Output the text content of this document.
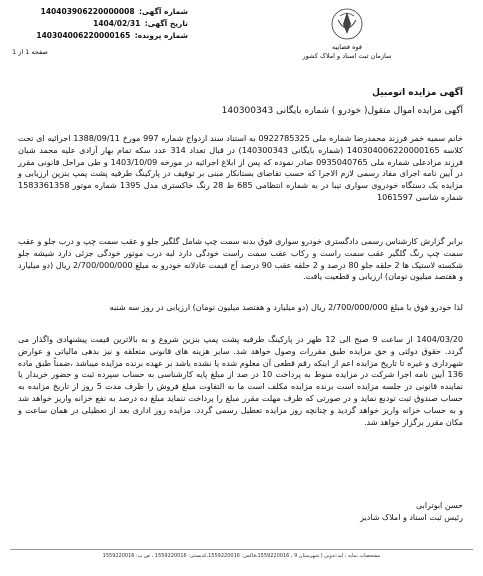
شماره آگهی: 140403906220000008
تاریخ آگهی: 1404/02/31
شماره پرونده: 140304006220000165
صفحه 1 از 1
قوه قضاییه
سازمان ثبت اسناد و املاک کشور
آگهی مزایده اتومبیل
آگهی مزایده اموال منقول( خودرو ) شماره بایگانی 140300343
خانم سمیه خمر فرزند محمدرضا شماره ملی 0922785325 به استناد سند ازدواج شماره 997 مورخ 1388/09/11 اجرائیه ای تحت کلاسه 140304006220000165 (شماره بایگانی 140300343) در قبال تعداد 314 عدد سکه تمام بهار آزادی علیه محمد شبان فرزند مرادعلی شماره ملی 0935040765 صادر نموده که پس از ابلاغ اجرائیه در مورخه 1403/10/09 و طی مراحل قانونی مقرر در آیین نامه اجرای مفاد رسمی لازم الاجرا که حسب تقاضای بستانکار مبنی بر توقیف در پارکینگ طرفیه پشت پمپ بنزین ارزیابی و مزایده یک دستگاه خودروی سواری تیبا در به شماره انتظامی 685 ط 28 رنگ خاکستری مدل 1395 شماره موتور 1583361358 شماره شاسی 1061597
برابر گزارش کارشناس رسمی دادگستری خودرو سواری فوق بدنه سمت چپ شامل گلگیر جلو و عقب سمت چپ و درب جلو و عقب سمت چپ رنگ گلگیر عقب سمت راست و رکاب عقب سمت راست خودگی دارد لبه درب موتور خودگی جزئی دارد شیشه جلو شکسته لاستیک ها 2 حلقه جلو 80 درصد و 2 حلقه عقب 90 درصد آج قیمت عادلانه خودرو به مبلغ 2/700/000/000 ریال (دو میلیارد و هفتصد میلیون تومان) ارزیابی و قطعیت یافت.
لذا خودرو فوق با مبلغ 2/700/000/000 ریال (دو میلیارد و هفتصد میلیون تومان) ارزیابی در روز سه شنبه
1404/03/20 از ساعت 9 صبح الی 12 ظهر در پارکینگ طرفیه پشت پمپ بنزین شروع و به بالاترین قیمت پیشنهادی واگذار می گردد. حقوق دولتی و حق مزایده طبق مقررات وصول خواهد شد. سایر هزینه های قانونی متعلقه و نیز بدهی مالیاتی و عوارض شهرداری و غیره تا تاریخ مزایده اعم از اینکه رقم قطعی آن معلوم شده یا نشده باشد بر عهده برنده مزایده میباشد ،ضمناً طبق ماده 136 آیین نامه اجرا شرکت در مزایده منوط به پرداخت 10 در صد از مبلغ پایه کارشناسی به حساب سپرده ثبت و حضور خریدار یا نماینده قانونی در جلسه مزایده است برنده مزایده مکلف است ما به التفاوت مبلغ فروش را ظرف مدت 5 روز از تاریخ مزایده به حساب صندوق ثبت تودیع نماید و در صورتی که ظرف مهلت مقرر مبلغ را پرداخت ننماید مبلغ ده درصد به نفع خزانه واریز خواهد شد و به حساب خزانه واریز خواهد گردید و چنانچه روز مزایده تعطیل رسمی گردد. مزایده روز اداری بعد از تعطیلی در همان ساعت و مکان مقرر برگزار خواهد شد.
حسن ابوترابی
رئیس ثبت اسناد و املاک شادیز
مشخصات نمایه ، لید:تدوین ( شهرستان 9 ، 1559220016،فاکس: 1559220016،کدپستی: 1559220016 ، ص پ: 1559220016
